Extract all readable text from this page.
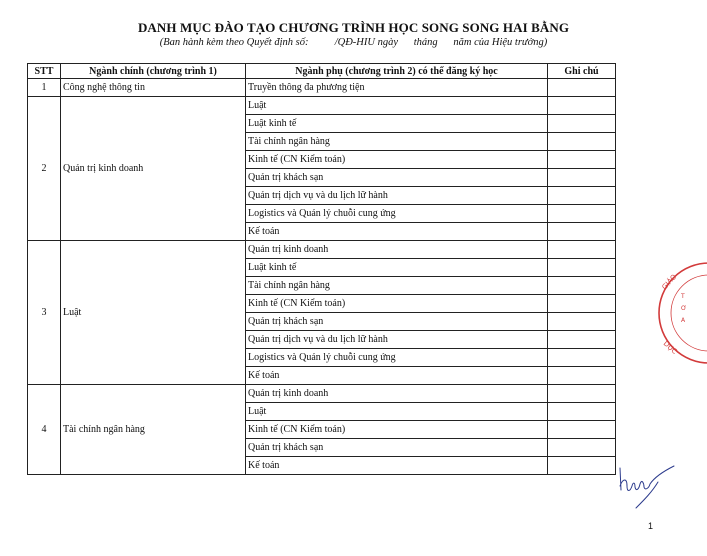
DANH MỤC ĐÀO TẠO CHƯƠNG TRÌNH HỌC SONG SONG HAI BẰNG
(Ban hành kèm theo Quyết định số:          /QĐ-HIU ngày      tháng      năm của Hiệu trưởng)
STT	Ngành chính (chương trình 1)	Ngành phụ (chương trình 2) có thể đăng ký học	Ghi chú
1	Công nghệ thông tin	Truyền thông đa phương tiện	
2	Quản trị kinh doanh	Luật	
		Luật kinh tế	
		Tài chính ngân hàng	
		Kinh tế (CN Kiểm toán)	
		Quản trị khách sạn	
		Quản trị dịch vụ và du lịch lữ hành	
		Logistics và Quản lý chuỗi cung ứng	
		Kế toán	
3	Luật	Quản trị kinh doanh	
		Luật kinh tế	
		Tài chính ngân hàng	
		Kinh tế (CN Kiểm toán)	
		Quản trị khách sạn	
		Quản trị dịch vụ và du lịch lữ hành	
		Logistics và Quản lý chuỗi cung ứng	
		Kế toán	
4	Tài chính ngân hàng	Quản trị kinh doanh	
		Luật	
		Kinh tế (CN Kiểm toán)	
		Quản trị khách sạn	
		Kế toán	
GIÁO
T
Ơ
A
DỤC
1
